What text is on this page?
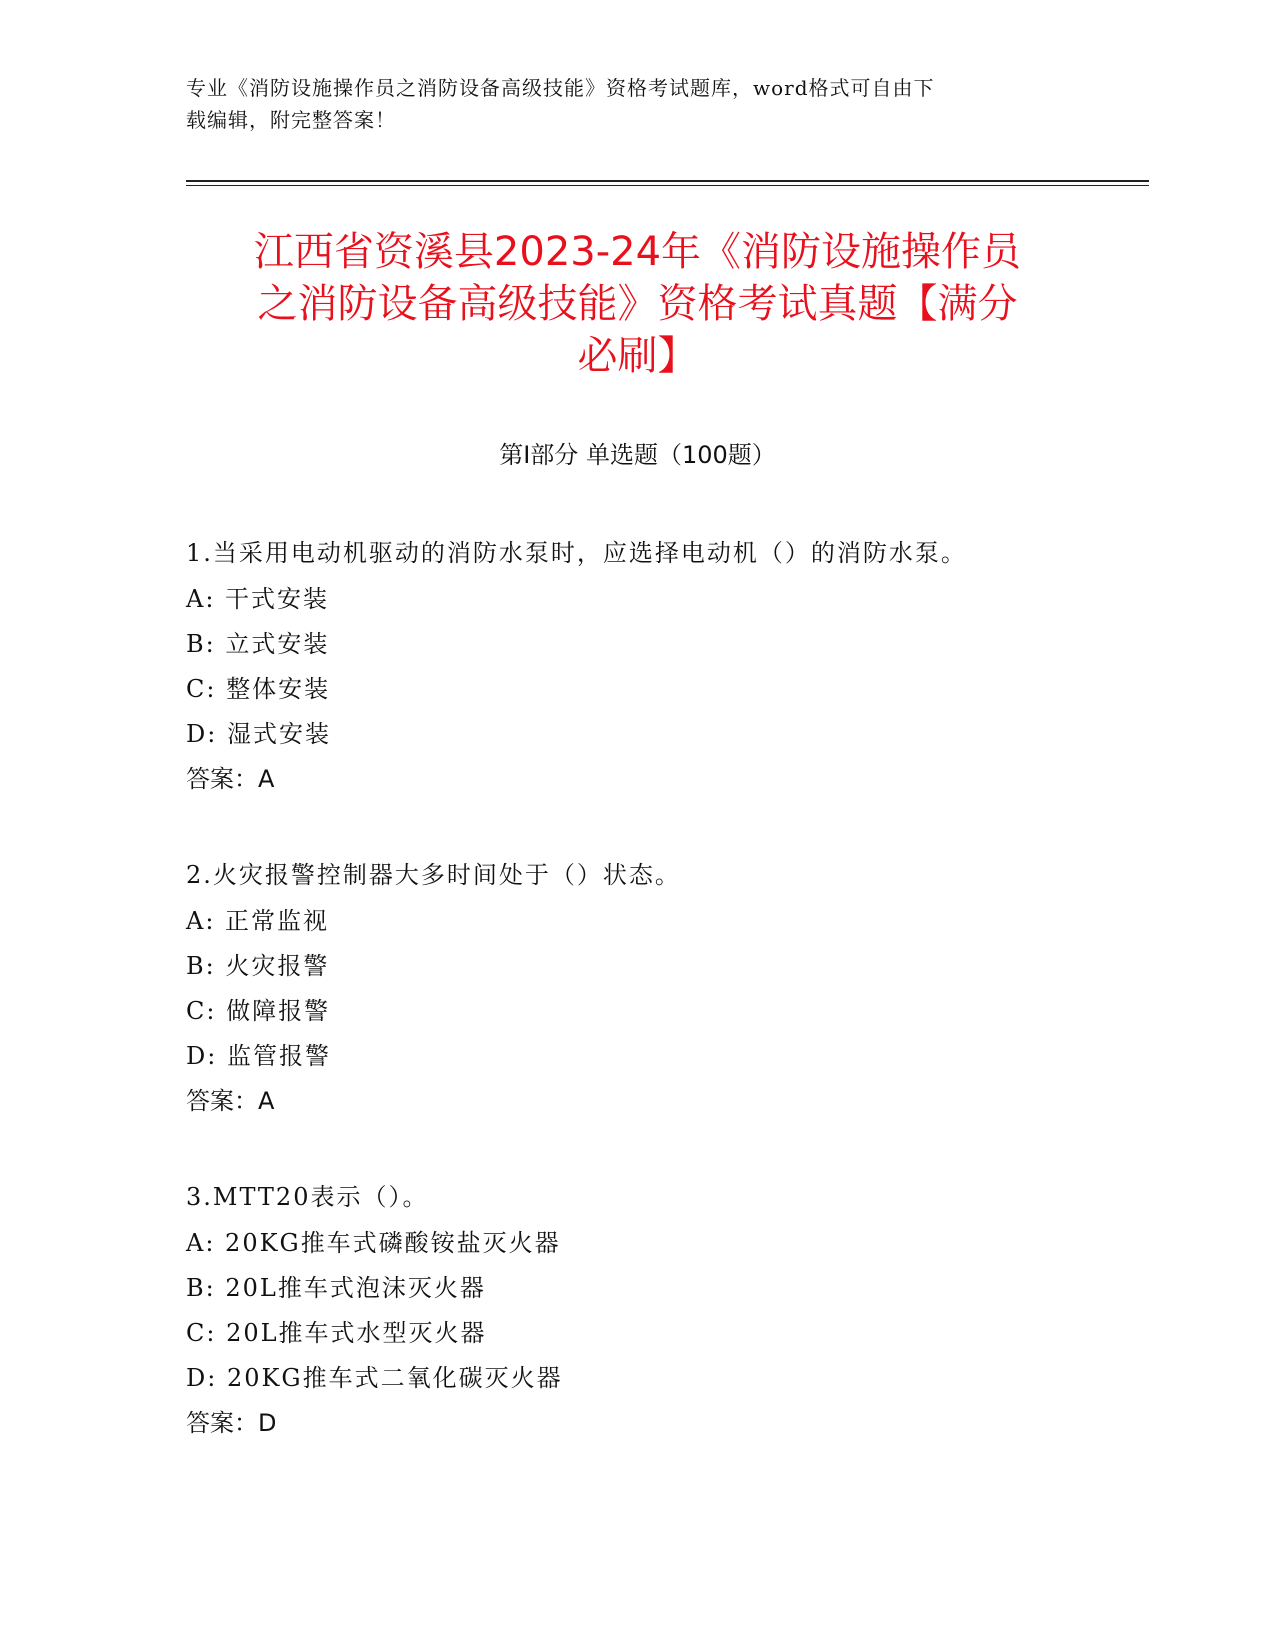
专业《消防设施操作员之消防设备高级技能》资格考试题库，word格式可自由下
载编辑，附完整答案！
江西省资溪县2023-24年《消防设施操作员
之消防设备高级技能》资格考试真题【满分
必刷】
第I部分 单选题（100题）
1.当采用电动机驱动的消防水泵时，应选择电动机（）的消防水泵。
A: 干式安装
B: 立式安装
C: 整体安装
D: 湿式安装
答案：A
2.火灾报警控制器大多时间处于（）状态。
A: 正常监视
B: 火灾报警
C: 做障报警
D: 监管报警
答案：A
3.MTT20表示（）。
A: 20KG推车式磷酸铵盐灭火器
B: 20L推车式泡沫灭火器
C: 20L推车式水型灭火器
D: 20KG推车式二氧化碳灭火器
答案：D
